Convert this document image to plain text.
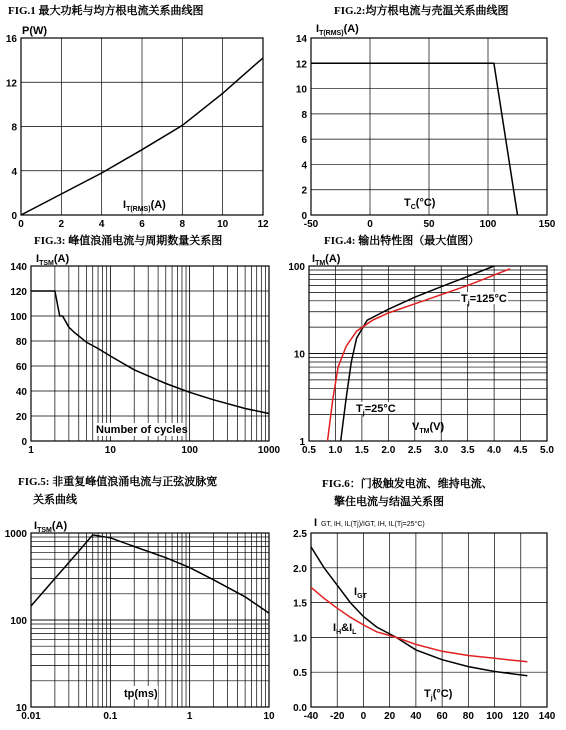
FIG.1 最大功耗与均方根电流关系曲线图
0	2	4	6	8	10	12
0
4
8
12
16
P(W)
$I_{T(RMS)}(A)$
FIG.2:均方根电流与壳温关系曲线图
-50	0	50	100	150
0
2
4
6
8
10
12
14
$I_{T(RMS)}(A)$
$T_C(^\circ C)$
FIG.3: 峰值浪涌电流与周期数量关系图
1	10	100	1000
0
20
40
60
80
100
120
140
$I_{TSM}(A)$
Number of cycles
FIG.4: 输出特性图（最大值图）
0.5 1.0 1.5 2.0 2.5 3.0 3.5 4.0 4.5 5.0
1
10
100
$I_{TM}(A)$
$V_{TM}(V)$
$T_j=125^\circ C$
$T_j=25^\circ C$
FIG.5: 非重复峰值浪涌电流与正弦波脉宽
关系曲线
0.01	0.1	1	10
10
100
1000
$I_{TSM}(A)$
tp(ms)
FIG.6：门极触发电流、维持电流、
擎住电流与结温关系图
-40 -20 0 20 40 60 80 100 120 140
0.0
0.5
1.0
1.5
2.0
2.5
I GT, IH, IL(Tj)/IGT, IH, IL(Tj=25°C)
$T_j(^\circ C)$
$I_{GT}$
$I_H\&I_L$
